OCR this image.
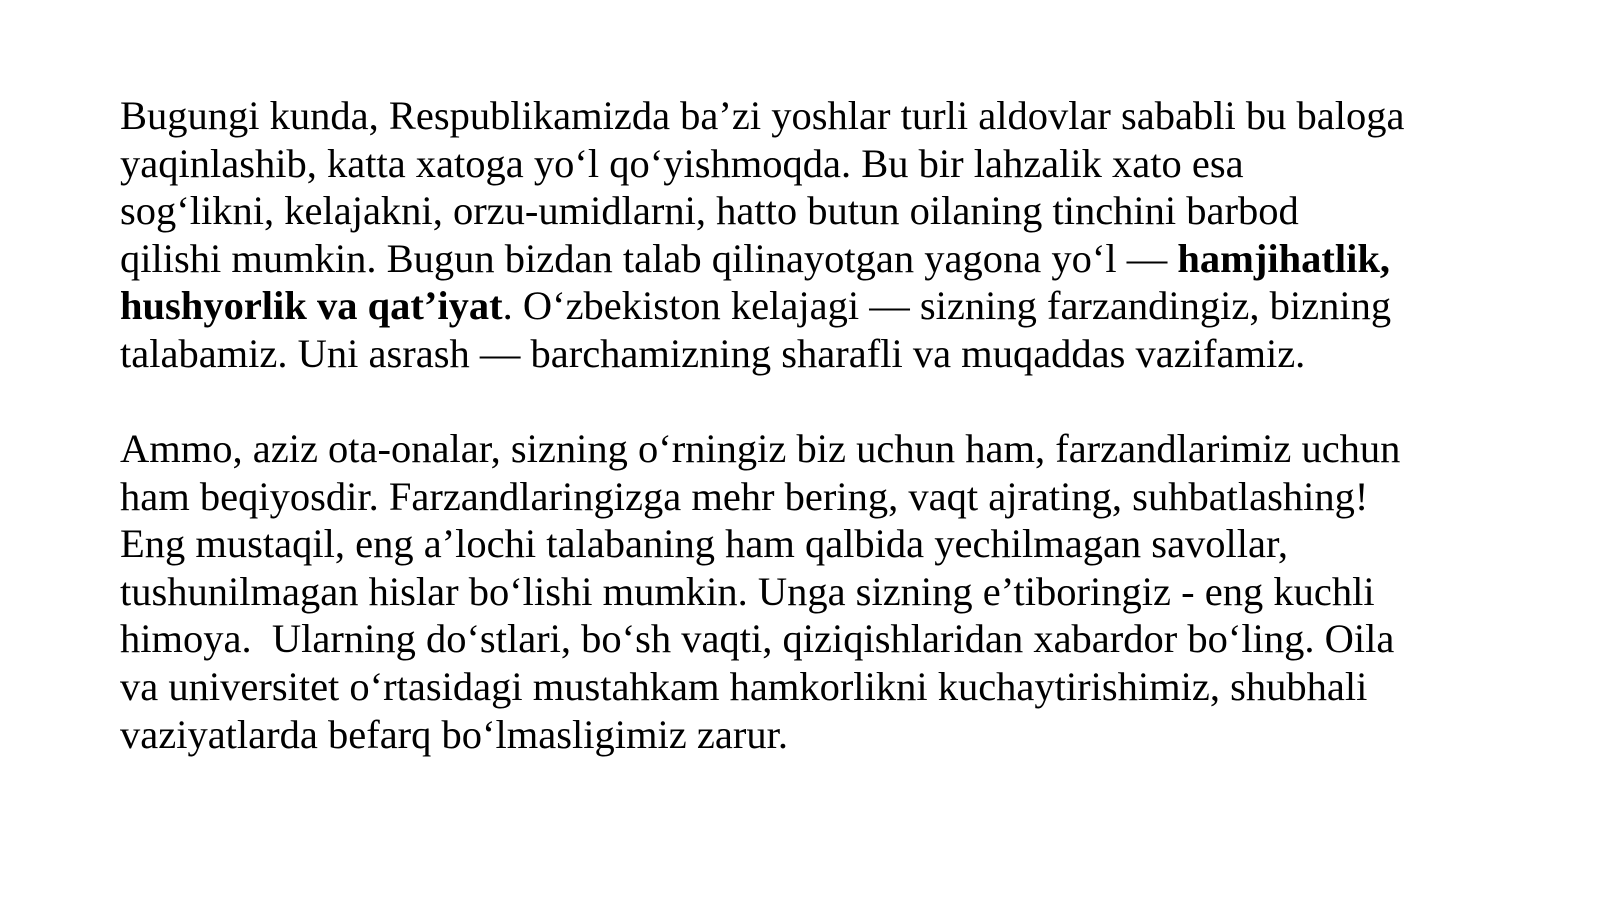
Bugungi kunda, Respublikamizda ba’zi yoshlar turli aldovlar sababli bu baloga
yaqinlashib, katta xatoga yo‘l qo‘yishmoqda. Bu bir lahzalik xato esa
sog‘likni, kelajakni, orzu-umidlarni, hatto butun oilaning tinchini barbod
qilishi mumkin. Bugun bizdan talab qilinayotgan yagona yo‘l — hamjihatlik,
hushyorlik va qat’iyat. O‘zbekiston kelajagi — sizning farzandingiz, bizning
talabamiz. Uni asrash — barchamizning sharafli va muqaddas vazifamiz.
Ammo, aziz ota-onalar, sizning o‘rningiz biz uchun ham, farzandlarimiz uchun
ham beqiyosdir. Farzandlaringizga mehr bering, vaqt ajrating, suhbatlashing!
Eng mustaqil, eng a’lochi talabaning ham qalbida yechilmagan savollar,
tushunilmagan hislar bo‘lishi mumkin. Unga sizning e’tiboringiz - eng kuchli
himoya.  Ularning do‘stlari, bo‘sh vaqti, qiziqishlaridan xabardor bo‘ling. Oila
va universitet o‘rtasidagi mustahkam hamkorlikni kuchaytirishimiz, shubhali
vaziyatlarda befarq bo‘lmasligimiz zarur.
